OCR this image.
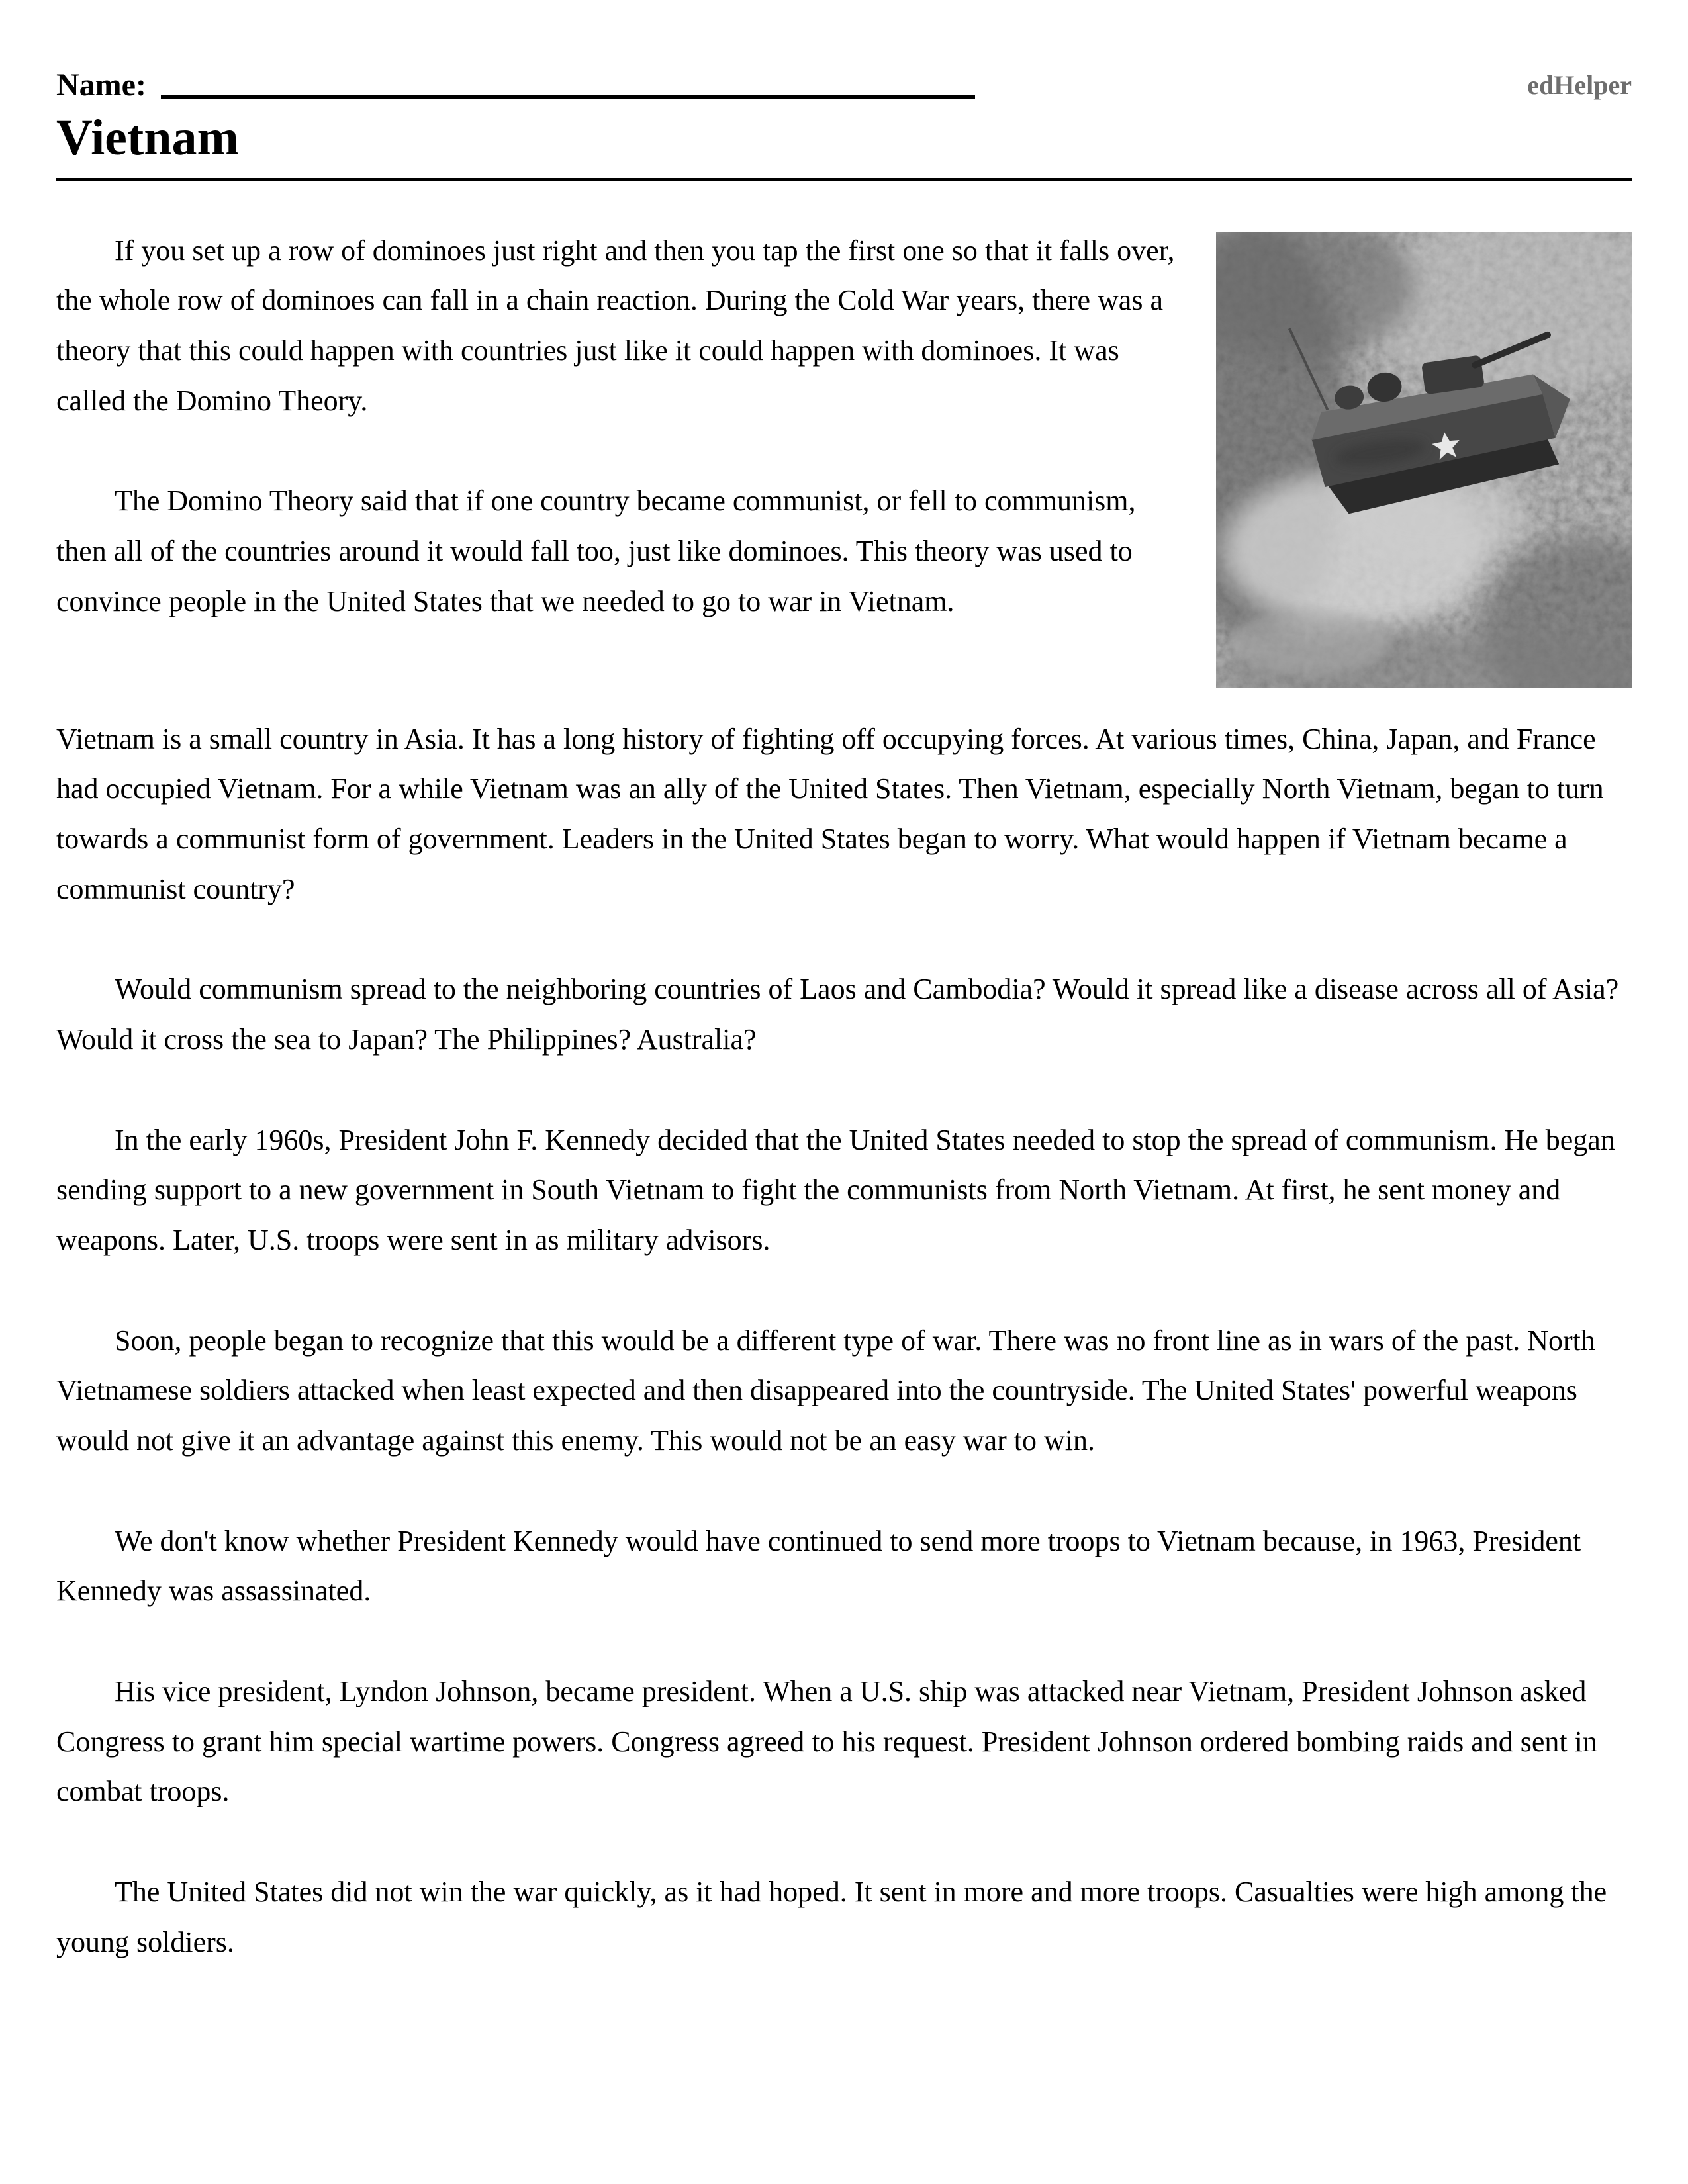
Name:	edHelper
Vietnam

If you set up a row of dominoes just right and then you tap the first one so that it falls over, the whole row of dominoes can fall in a chain reaction. During the Cold War years, there was a theory that this could happen with countries just like it could happen with dominoes. It was called the Domino Theory.

The Domino Theory said that if one country became communist, or fell to communism, then all of the countries around it would fall too, just like dominoes. This theory was used to convince people in the United States that we needed to go to war in Vietnam.

Vietnam is a small country in Asia. It has a long history of fighting off occupying forces. At various times, China, Japan, and France had occupied Vietnam. For a while Vietnam was an ally of the United States. Then Vietnam, especially North Vietnam, began to turn towards a communist form of government. Leaders in the United States began to worry. What would happen if Vietnam became a communist country?

Would communism spread to the neighboring countries of Laos and Cambodia? Would it spread like a disease across all of Asia? Would it cross the sea to Japan? The Philippines? Australia?

In the early 1960s, President John F. Kennedy decided that the United States needed to stop the spread of communism. He began sending support to a new government in South Vietnam to fight the communists from North Vietnam. At first, he sent money and weapons. Later, U.S. troops were sent in as military advisors.

Soon, people began to recognize that this would be a different type of war. There was no front line as in wars of the past. North Vietnamese soldiers attacked when least expected and then disappeared into the countryside. The United States' powerful weapons would not give it an advantage against this enemy. This would not be an easy war to win.

We don't know whether President Kennedy would have continued to send more troops to Vietnam because, in 1963, President Kennedy was assassinated.

His vice president, Lyndon Johnson, became president. When a U.S. ship was attacked near Vietnam, President Johnson asked Congress to grant him special wartime powers. Congress agreed to his request. President Johnson ordered bombing raids and sent in combat troops.

The United States did not win the war quickly, as it had hoped. It sent in more and more troops. Casualties were high among the young soldiers.
